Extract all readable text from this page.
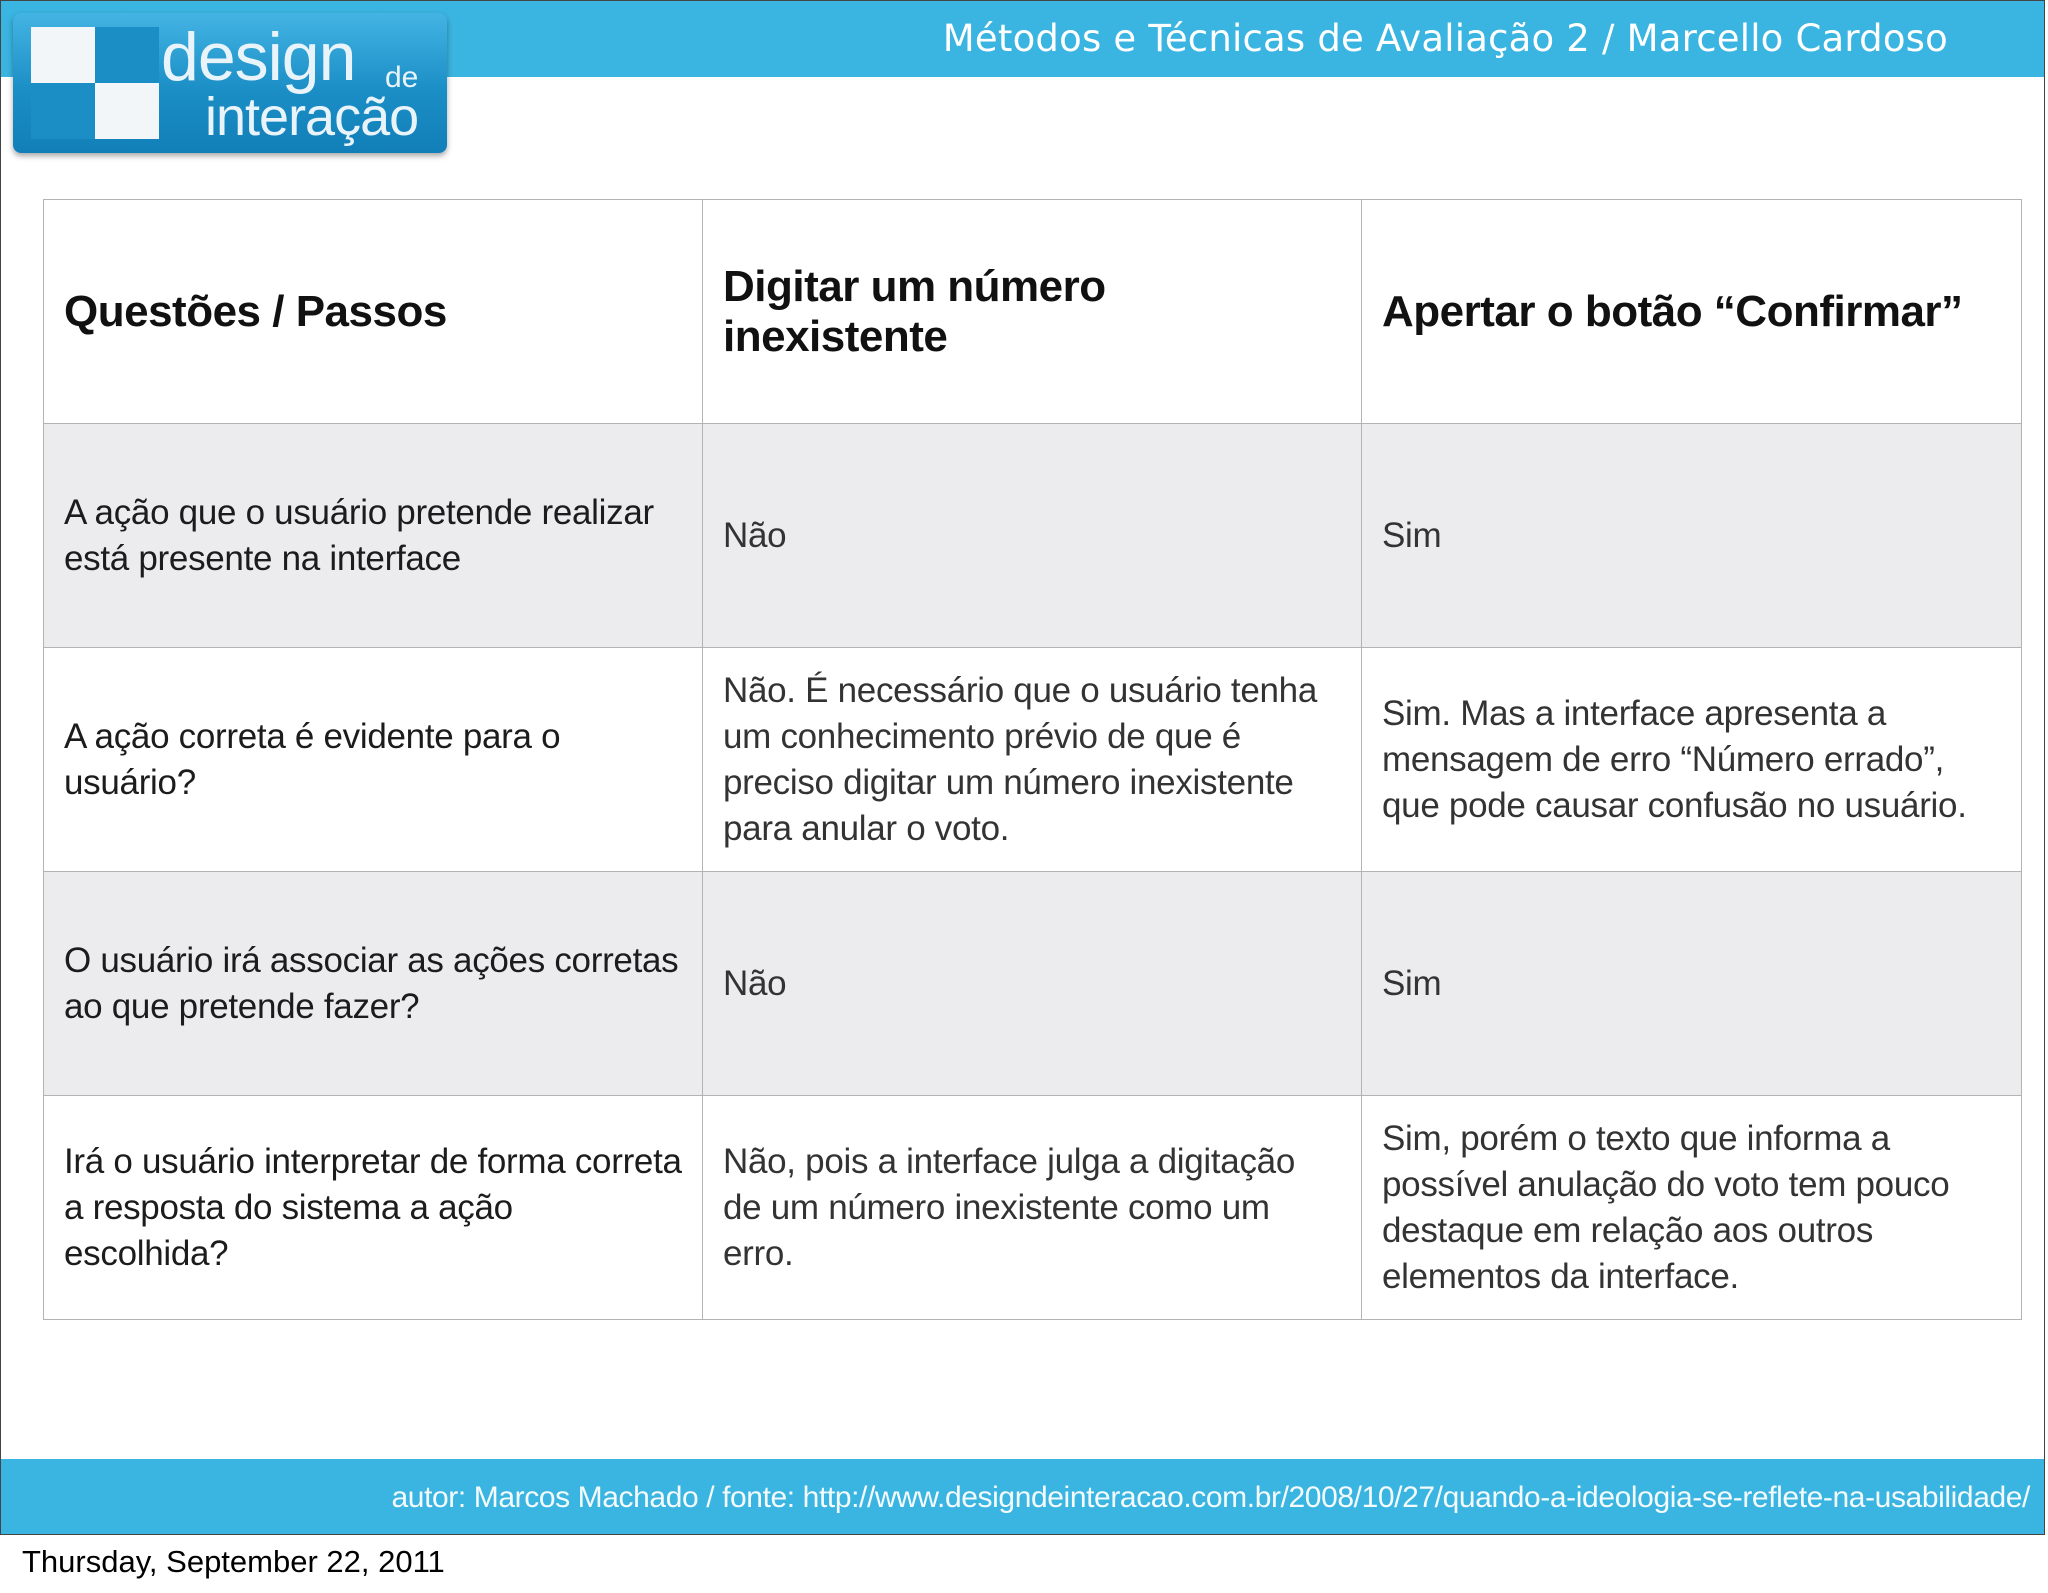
Métodos e Técnicas de Avaliação 2 / Marcello Cardoso
design de
interação
Questões / Passos	Digitar um número inexistente	Apertar o botão “Confirmar”
A ação que o usuário pretende realizar está presente na interface	Não	Sim
A ação correta é evidente para o usuário?	Não. É necessário que o usuário tenha um conhecimento prévio de que é preciso digitar um número inexistente para anular o voto.	Sim. Mas a interface apresenta a mensagem de erro “Número errado”, que pode causar confusão no usuário.
O usuário irá associar as ações corretas ao que pretende fazer?	Não	Sim
Irá o usuário interpretar de forma correta a resposta do sistema a ação escolhida?	Não, pois a interface julga a digitação de um número inexistente como um erro.	Sim, porém o texto que informa a possível anulação do voto tem pouco destaque em relação aos outros elementos da interface.
autor: Marcos Machado / fonte: http://www.designdeinteracao.com.br/2008/10/27/quando-a-ideologia-se-reflete-na-usabilidade/
Thursday, September 22, 2011
